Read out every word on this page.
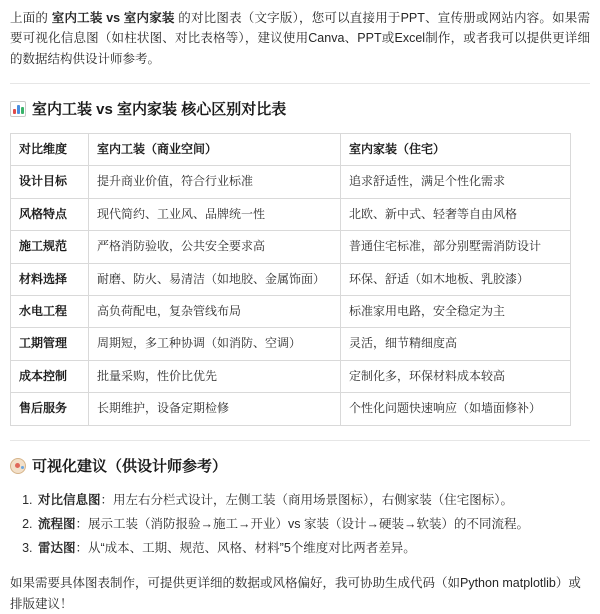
上面的 室内工装 vs 室内家装 的对比图表（文字版），您可以直接用于PPT、宣传册或网站内容。如果需要可视化信息图（如柱状图、对比表格等），建议使用Canva、PPT或Excel制作，或者我可以提供更详细的数据结构供设计师参考。

室内工装 vs 室内家装 核心区别对比表
对比维度	室内工装（商业空间）	室内家装（住宅）
设计目标	提升商业价值，符合行业标准	追求舒适性，满足个性化需求
风格特点	现代简约、工业风、品牌统一性	北欧、新中式、轻奢等自由风格
施工规范	严格消防验收，公共安全要求高	普通住宅标准，部分别墅需消防设计
材料选择	耐磨、防火、易清洁（如地胶、金属饰面）	环保、舒适（如木地板、乳胶漆）
水电工程	高负荷配电，复杂管线布局	标准家用电路，安全稳定为主
工期管理	周期短，多工种协调（如消防、空调）	灵活，细节精细度高
成本控制	批量采购，性价比优先	定制化多，环保材料成本较高
售后服务	长期维护，设备定期检修	个性化问题快速响应（如墙面修补）
可视化建议（供设计师参考）
1. 对比信息图：用左右分栏式设计，左侧工装（商用场景图标），右侧家装（住宅图标）。
2. 流程图：展示工装（消防报验→施工→开业）vs 家装（设计→硬装→软装）的不同流程。
3. 雷达图：从“成本、工期、规范、风格、材料”5个维度对比两者差异。

如果需要具体图表制作，可提供更详细的数据或风格偏好，我可协助生成代码（如Python matplotlib）或排版建议！
